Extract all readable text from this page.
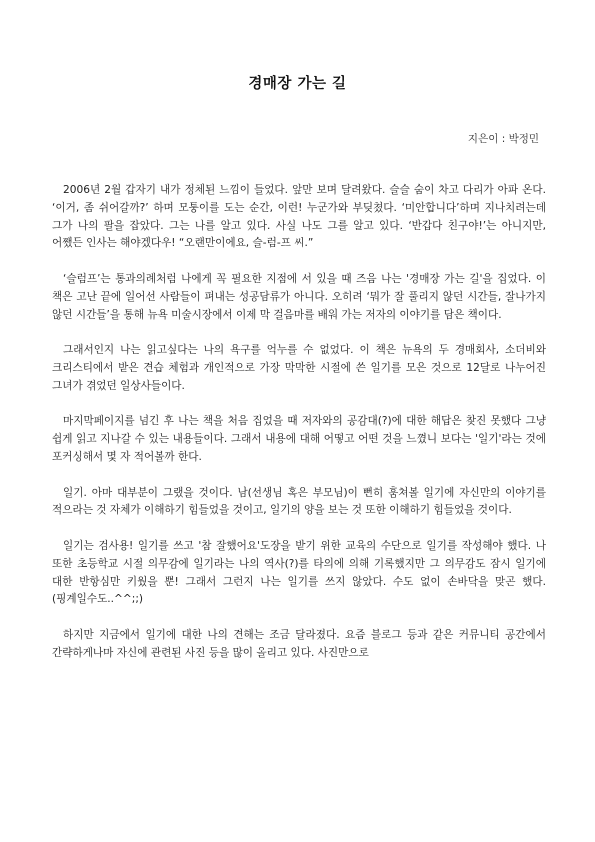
경매장 가는 길
지은이 : 박정민

2006년 2월 갑자기 내가 정체된 느낌이 들었다. 앞만 보며 달려왔다. 슬슬 숨이 차고 다리가 아파 온다. ‘이거, 좀 쉬어갈까?’ 하며 모퉁이를 도는 순간, 이런! 누군가와 부딪쳤다. ‘미안합니다’하며 지나치려는데 그가 나의 팔을 잡았다. 그는 나를 알고 있다. 사실 나도 그를 알고 있다. ‘반갑다 친구야!’는 아니지만, 어쨌든 인사는 해야겠다우! “오랜만이에요, 슬-럼-프 씨.”

‘슬럼프’는 통과의례처럼 나에게 꼭 필요한 지점에 서 있을 때 즈음 나는 '경매장 가는 길'을 집었다. 이 책은 고난 끝에 일어선 사람들이 펴내는 성공담류가 아니다. 오히려 ‘뭐가 잘 풀리지 않던 시간들, 잘나가지 않던 시간들’을 통해 뉴욕 미술시장에서 이제 막 걸음마를 배워 가는 저자의 이야기를 담은 책이다.

그래서인지 나는 읽고싶다는 나의 욕구를 억누를 수 없었다. 이 책은 뉴욕의 두 경매회사, 소더비와 크리스티에서 받은 견습 체험과 개인적으로 가장 막막한 시절에 쓴 일기를 모은 것으로 12달로 나누어진 그녀가 겪었던 일상사들이다.

마지막페이지를 넘긴 후 나는 책을 처음 집었을 때 저자와의 공감대(?)에 대한 해답은 찾진 못했다 그냥 쉽게 읽고 지나갈 수 있는 내용들이다. 그래서 내용에 대해 어떻고 어떤 것을 느꼈니 보다는 '일기'라는 것에 포커싱해서 몇 자 적어볼까 한다.

일기. 아마 대부분이 그랬을 것이다. 남(선생님 혹은 부모님)이 뻔히 훔쳐볼 일기에 자신만의 이야기를 적으라는 것 자체가 이해하기 힘들었을 것이고, 일기의 양을 보는 것 또한 이해하기 힘들었을 것이다.

일기는 검사용! 일기를 쓰고 '참 잘했어요'도장을 받기 위한 교육의 수단으로 일기를 작성해야 했다. 나 또한 초등학교 시절 의무감에 일기라는 나의 역사(?)를 타의에 의해 기록했지만 그 의무감도 잠시 일기에 대한 반항심만 키웠을 뿐! 그래서 그런지 나는 일기를 쓰지 않았다. 수도 없이 손바닥을 맞곤 했다.(핑계일수도..^^;;)

하지만 지금에서 일기에 대한 나의 견해는 조금 달라졌다. 요즘 블로그 등과 같은 커뮤니티 공간에서 간략하게나마 자신에 관련된 사진 등을 많이 올리고 있다. 사진만으로
